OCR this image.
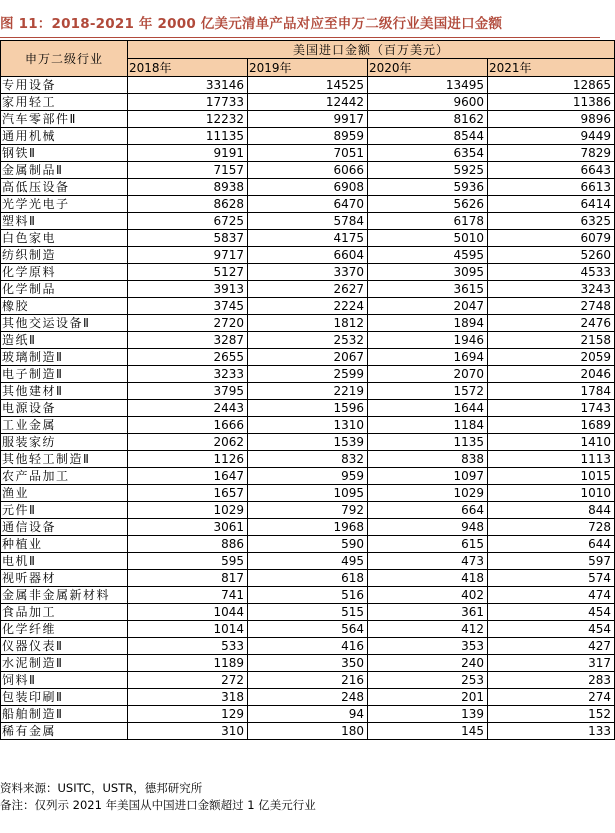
图 11：2018-2021 年 2000 亿美元清单产品对应至申万二级行业美国进口金额
申万二级行业	美国进口金额（百万美元）			
	2018年	2019年	2020年	2021年
专用设备	33146	14525	13495	12865
家用轻工	17733	12442	9600	11386
汽车零部件Ⅱ	12232	9917	8162	9896
通用机械	11135	8959	8544	9449
钢铁Ⅱ	9191	7051	6354	7829
金属制品Ⅱ	7157	6066	5925	6643
高低压设备	8938	6908	5936	6613
光学光电子	8628	6470	5626	6414
塑料Ⅱ	6725	5784	6178	6325
白色家电	5837	4175	5010	6079
纺织制造	9717	6604	4595	5260
化学原料	5127	3370	3095	4533
化学制品	3913	2627	3615	3243
橡胶	3745	2224	2047	2748
其他交运设备Ⅱ	2720	1812	1894	2476
造纸Ⅱ	3287	2532	1946	2158
玻璃制造Ⅱ	2655	2067	1694	2059
电子制造Ⅱ	3233	2599	2070	2046
其他建材Ⅱ	3795	2219	1572	1784
电源设备	2443	1596	1644	1743
工业金属	1666	1310	1184	1689
服装家纺	2062	1539	1135	1410
其他轻工制造Ⅱ	1126	832	838	1113
农产品加工	1647	959	1097	1015
渔业	1657	1095	1029	1010
元件Ⅱ	1029	792	664	844
通信设备	3061	1968	948	728
种植业	886	590	615	644
电机Ⅱ	595	495	473	597
视听器材	817	618	418	574
金属非金属新材料	741	516	402	474
食品加工	1044	515	361	454
化学纤维	1014	564	412	454
仪器仪表Ⅱ	533	416	353	427
水泥制造Ⅱ	1189	350	240	317
饲料Ⅱ	272	216	253	283
包装印刷Ⅱ	318	248	201	274
船舶制造Ⅱ	129	94	139	152
稀有金属	310	180	145	133
资料来源：USITC，USTR，德邦研究所
备注：仅列示 2021 年美国从中国进口金额超过 1 亿美元行业
